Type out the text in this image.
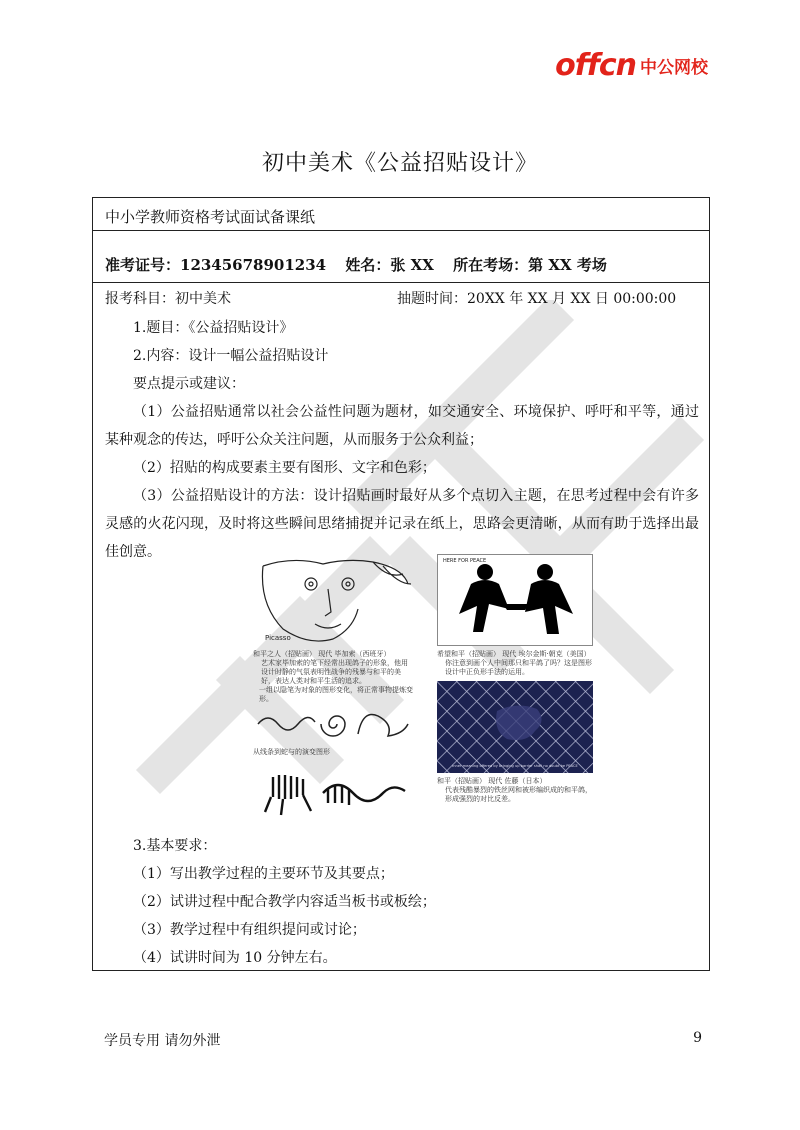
offcn 中公网校
初中美术《公益招贴设计》
中小学教师资格考试面试备课纸
准考证号：12345678901234 姓名：张 XX 所在考场：第 XX 考场
报考科目：初中美术	抽题时间：20XX 年 XX 月 XX 日 00:00:00
1.题目：《公益招贴设计》
2.内容：设计一幅公益招贴设计
要点提示或建议：
（1）公益招贴通常以社会公益性问题为题材，如交通安全、环境保护、呼吁和平等，通过某种观念的传达，呼吁公众关注问题，从而服务于公众利益；
（2）招贴的构成要素主要有图形、文字和色彩；
（3）公益招贴设计的方法：设计招贴画时最好从多个点切入主题，在思考过程中会有许多灵感的火花闪现，及时将这些瞬间思绪捕捉并记录在纸上，思路会更清晰，从而有助于选择出最佳创意。
Picasso
和平之人（招贴画） 现代 毕加索（西班牙）
艺术家毕加索的笔下经常出现鸽子的形象，他用设计时静的气氛表明性战争的残暴与和平的美好，表达人类对和平生活的追求。
一组以隐笔为对象的图形变化，将正常事物提炼变形。
从线条到蛇与的演变图形
HERE FOR PEACE
希望和平（招贴画） 现代 埃尔金斯·朝克（美国）
你注意到画个人中间那只和平鸽了吗？这是图形设计中正负形手法的运用。
Inner meaning offered by bringing up barrier shall no doubt be PEACE
和平（招贴画） 现代 佐藤（日本）
代表残酷暴烈的铁丝网和被形编织成的和平鸽，形成强烈的对比反差。
3.基本要求：
（1）写出教学过程的主要环节及其要点；
（2）试讲过程中配合教学内容适当板书或板绘；
（3）教学过程中有组织提问或讨论；
（4）试讲时间为 10 分钟左右。
学员专用 请勿外泄	9
